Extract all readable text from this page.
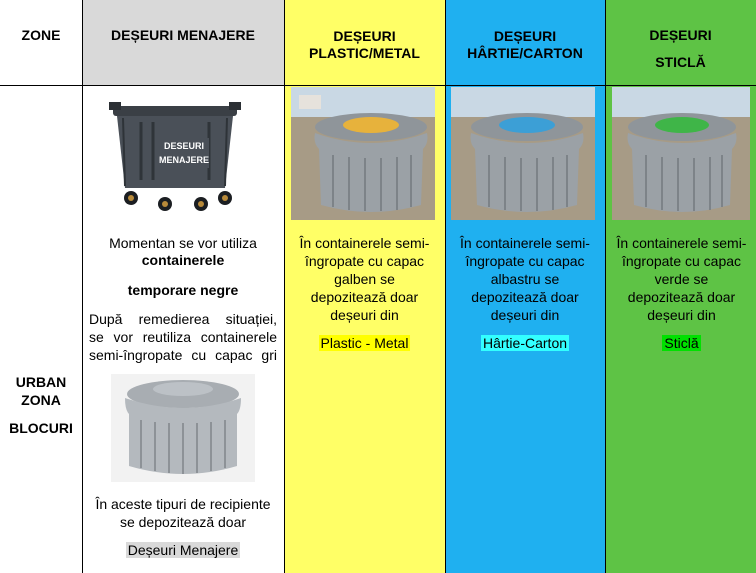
ZONE	DEȘEURI MENAJERE	DEȘEURI
PLASTIC/METAL
DEȘEURI
HÂRTIE/CARTON
DEȘEURI
STICLĂ
URBAN
ZONA
BLOCURI
DESEURI
MENAJERE
Momentan se vor utiliza
containerele
temporare negre
După remedierea situației,
se vor reutiliza containerele
semi-îngropate cu capac gri
În aceste tipuri de recipiente
se depozitează doar
Deșeuri Menajere
În containerele semi-
îngropate cu capac
galben se
depozitează doar
deșeuri din
Plastic - Metal
În containerele semi-
îngropate cu capac
albastru se
depozitează doar
deșeuri din
Hârtie-Carton
În containerele semi-
îngropate cu capac
verde se
depozitează doar
deșeuri din
Sticlă
